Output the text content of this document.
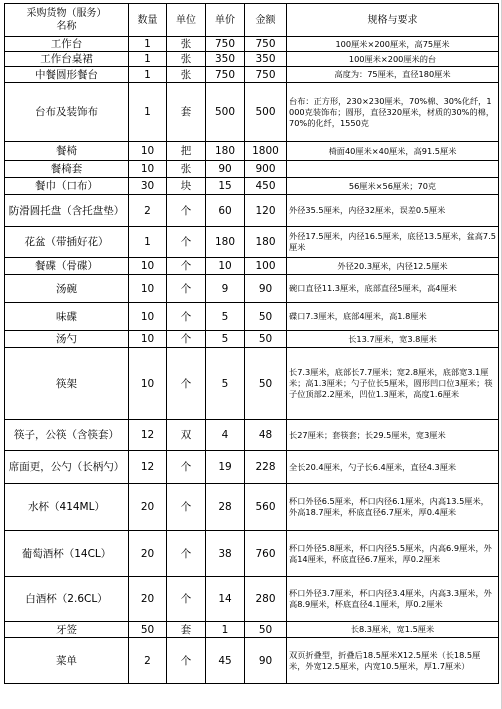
采购货物（服务）名称	数量	单位	单价	金额	规格与要求
工作台	1	张	750	750	100厘米×200厘米，高75厘米
工作台桌裙	1	张	350	350	100厘米×200厘米的台
中餐圆形餐台	1	张	750	750	高度为：75厘米，直径180厘米
台布及装饰布	1	套	500	500	台布：正方形，230×230厘米，70%棉、30%化纤，1000克装饰布；圆形，直径320厘米，材质的30%的棉，70%的化纤，1550克
餐椅	10	把	180	1800	椅面40厘米×40厘米，高91.5厘米
餐椅套	10	张	90	900	
餐巾（口布）	30	块	15	450	56厘米×56厘米；70克
防滑圆托盘（含托盘垫）	2	个	60	120	外径35.5厘米，内径32厘米，误差0.5厘米
花盆（带插好花）	1	个	180	180	外径17.5厘米，内径16.5厘米，底径13.5厘米，盆高7.5厘米
餐碟（骨碟）	10	个	10	100	外径20.3厘米，内径12.5厘米
汤碗	10	个	9	90	碗口直径11.3厘米，底部直径5厘米，高4厘米
味碟	10	个	5	50	碟口7.3厘米，底部4厘米，高1.8厘米
汤勺	10	个	5	50	长13.7厘米，宽3.8厘米
筷架	10	个	5	50	长7.3厘米，底部长7.7厘米；宽2.8厘米，底部宽3.1厘米；高1.3厘米；勺子位长5厘米，圆形凹口位3厘米；筷子位顶部2.2厘米，凹位1.3厘米，高度1.6厘米
筷子，公筷（含筷套）	12	双	4	48	长27厘米；套筷套；长29.5厘米，宽3厘米
席面更，公勺（长柄勺）	12	个	19	228	全长20.4厘米，勺子长6.4厘米，直径4.3厘米
水杯（414ML）	20	个	28	560	杯口外径6.5厘米，杯口内径6.1厘米，内高13.5厘米，外高18.7厘米，杯底直径6.7厘米，厚0.4厘米
葡萄酒杯（14CL）	20	个	38	760	杯口外径5.8厘米，杯口内径5.5厘米，内高6.9厘米，外高14厘米，杯底直径6.7厘米，厚0.2厘米
白酒杯（2.6CL）	20	个	14	280	杯口外径3.7厘米，杯口内径3.4厘米，内高3.3厘米，外高8.9厘米，杯底直径4.1厘米，厚0.2厘米
牙签	50	套	1	50	长8.3厘米，宽1.5厘米
菜单	2	个	45	90	双页折叠型，折叠后18.5厘米X12.5厘米（长18.5厘米，外宽12.5厘米，内宽10.5厘米，厚1.7厘米）
